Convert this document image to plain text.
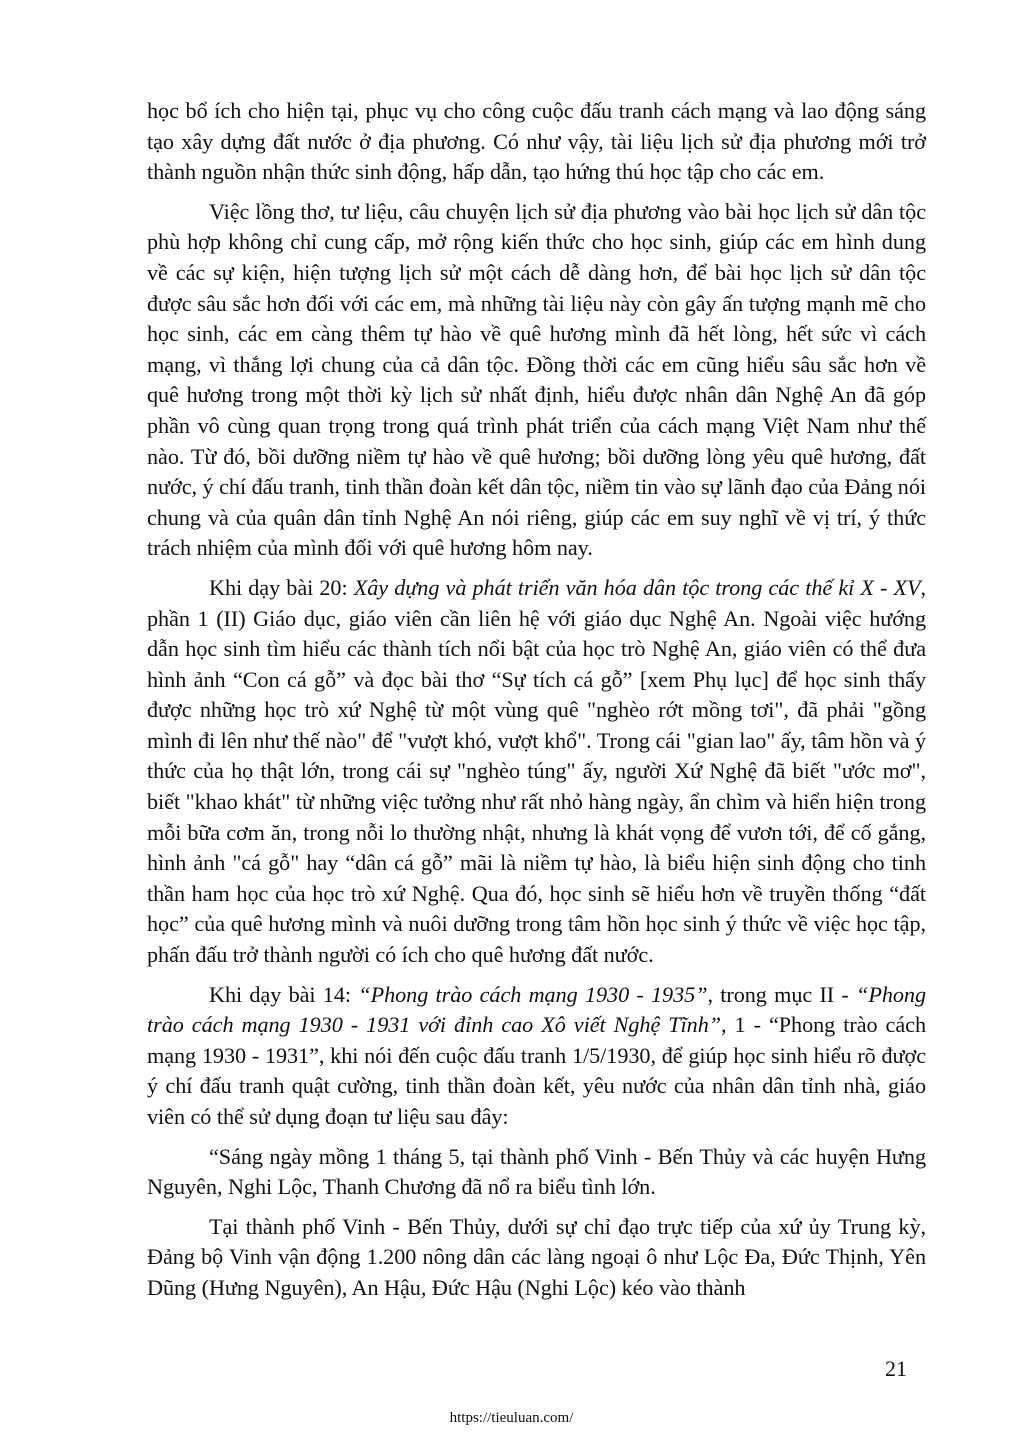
học bổ ích cho hiện tại, phục vụ cho công cuộc đấu tranh cách mạng và lao động sáng tạo xây dựng đất nước ở địa phương. Có như vậy, tài liệu lịch sử địa phương mới trở thành nguồn nhận thức sinh động, hấp dẫn, tạo hứng thú học tập cho các em.

Việc lồng thơ, tư liệu, câu chuyện lịch sử địa phương vào bài học lịch sử dân tộc phù hợp không chỉ cung cấp, mở rộng kiến thức cho học sinh, giúp các em hình dung về các sự kiện, hiện tượng lịch sử một cách dễ dàng hơn, để bài học lịch sử dân tộc được sâu sắc hơn đối với các em, mà những tài liệu này còn gây ấn tượng mạnh mẽ cho học sinh, các em càng thêm tự hào về quê hương mình đã hết lòng, hết sức vì cách mạng, vì thắng lợi chung của cả dân tộc. Đồng thời các em cũng hiểu sâu sắc hơn về quê hương trong một thời kỳ lịch sử nhất định, hiểu được nhân dân Nghệ An đã góp phần vô cùng quan trọng trong quá trình phát triển của cách mạng Việt Nam như thế nào. Từ đó, bồi dưỡng niềm tự hào về quê hương; bồi dưỡng lòng yêu quê hương, đất nước, ý chí đấu tranh, tinh thần đoàn kết dân tộc, niềm tin vào sự lãnh đạo của Đảng nói chung và của quân dân tỉnh Nghệ An nói riêng, giúp các em suy nghĩ về vị trí, ý thức trách nhiệm của mình đối với quê hương hôm nay.

Khi dạy bài 20: Xây dựng và phát triển văn hóa dân tộc trong các thế kỉ X - XV, phần 1 (II) Giáo dục, giáo viên cần liên hệ với giáo dục Nghệ An. Ngoài việc hướng dẫn học sinh tìm hiểu các thành tích nổi bật của học trò Nghệ An, giáo viên có thể đưa hình ảnh “Con cá gỗ” và đọc bài thơ “Sự tích cá gỗ” [xem Phụ lục] để học sinh thấy được những học trò xứ Nghệ từ một vùng quê "nghèo rớt mồng tơi", đã phải "gồng mình đi lên như thế nào" để "vượt khó, vượt khổ". Trong cái "gian lao" ấy, tâm hồn và ý thức của họ thật lớn, trong cái sự "nghèo túng" ấy, người Xứ Nghệ đã biết "ước mơ", biết "khao khát" từ những việc tưởng như rất nhỏ hàng ngày, ẩn chìm và hiển hiện trong mỗi bữa cơm ăn, trong nỗi lo thường nhật, nhưng là khát vọng để vươn tới, để cố gắng, hình ảnh "cá gỗ" hay “dân cá gỗ” mãi là niềm tự hào, là biểu hiện sinh động cho tinh thần ham học của học trò xứ Nghệ. Qua đó, học sinh sẽ hiểu hơn về truyền thống “đất học” của quê hương mình và nuôi dưỡng trong tâm hồn học sinh ý thức về việc học tập, phấn đấu trở thành người có ích cho quê hương đất nước.

Khi dạy bài 14: “Phong trào cách mạng 1930 - 1935”, trong mục II - “Phong trào cách mạng 1930 - 1931 với đỉnh cao Xô viết Nghệ Tĩnh”, 1 - “Phong trào cách mạng 1930 - 1931”, khi nói đến cuộc đấu tranh 1/5/1930, để giúp học sinh hiểu rõ được ý chí đấu tranh quật cường, tinh thần đoàn kết, yêu nước của nhân dân tỉnh nhà, giáo viên có thể sử dụng đoạn tư liệu sau đây:

“Sáng ngày mồng 1 tháng 5, tại thành phố Vinh - Bến Thủy và các huyện Hưng Nguyên, Nghi Lộc, Thanh Chương đã nổ ra biểu tình lớn.

Tại thành phố Vinh - Bến Thủy, dưới sự chỉ đạo trực tiếp của xứ ủy Trung kỳ, Đảng bộ Vinh vận động 1.200 nông dân các làng ngoại ô như Lộc Đa, Đức Thịnh, Yên Dũng (Hưng Nguyên), An Hậu, Đức Hậu (Nghi Lộc) kéo vào thành

21
https://tieuluan.com/
